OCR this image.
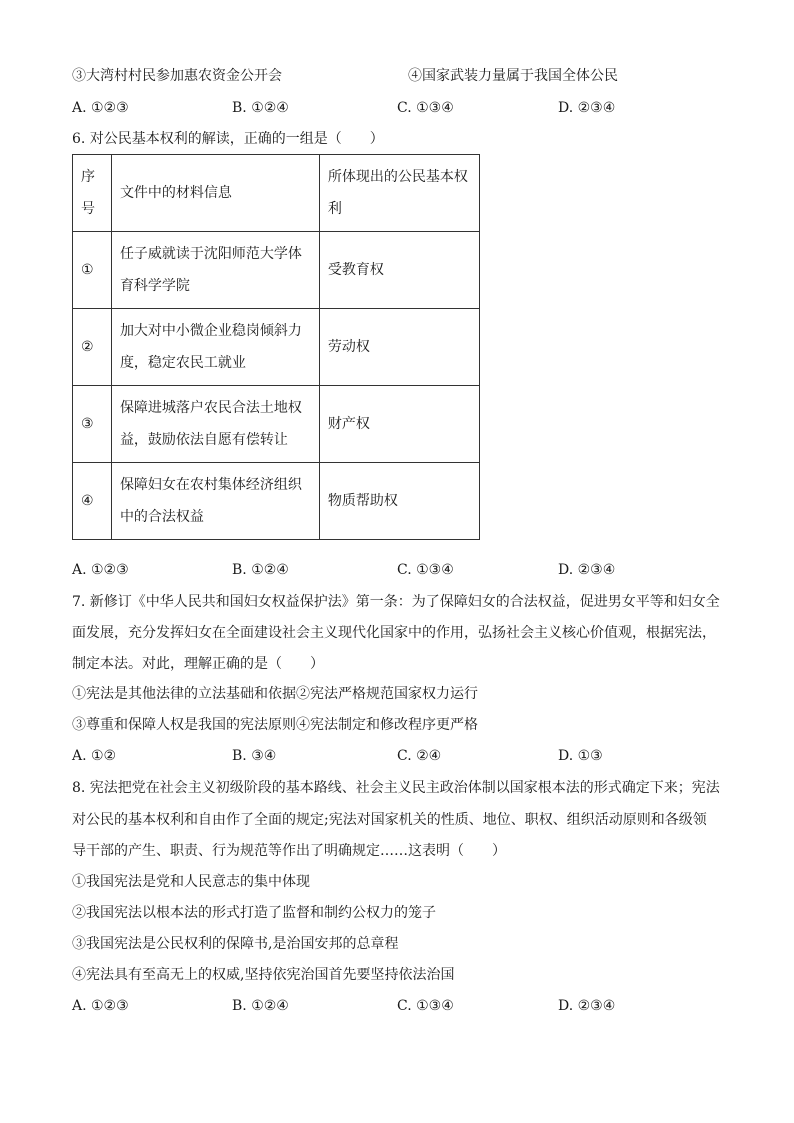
③大湾村村民参加惠农资金公开会	④国家武装力量属于我国全体公民
A. ①②③	B. ①②④	C. ①③④	D. ②③④
6. 对公民基本权利的解读，正确的一组是（　　）
序号	文件中的材料信息	所体现出的公民基本权利
①	任子威就读于沈阳师范大学体育科学学院	受教育权
②	加大对中小微企业稳岗倾斜力度，稳定农民工就业	劳动权
③	保障进城落户农民合法土地权益，鼓励依法自愿有偿转让	财产权
④	保障妇女在农村集体经济组织中的合法权益	物质帮助权
A. ①②③	B. ①②④	C. ①③④	D. ②③④
7. 新修订《中华人民共和国妇女权益保护法》第一条：为了保障妇女的合法权益，促进男女平等和妇女全
面发展，充分发挥妇女在全面建设社会主义现代化国家中的作用，弘扬社会主义核心价值观，根据宪法，
制定本法。对此，理解正确的是（　　）
①宪法是其他法律的立法基础和依据②宪法严格规范国家权力运行
③尊重和保障人权是我国的宪法原则④宪法制定和修改程序更严格
A. ①②	B. ③④	C. ②④	D. ①③
8. 宪法把党在社会主义初级阶段的基本路线、社会主义民主政治体制以国家根本法的形式确定下来；宪法
对公民的基本权利和自由作了全面的规定;宪法对国家机关的性质、地位、职权、组织活动原则和各级领
导干部的产生、职责、行为规范等作出了明确规定……这表明（　　）
①我国宪法是党和人民意志的集中体现
②我国宪法以根本法的形式打造了监督和制约公权力的笼子
③我国宪法是公民权利的保障书,是治国安邦的总章程
④宪法具有至高无上的权威,坚持依宪治国首先要坚持依法治国
A. ①②③	B. ①②④	C. ①③④	D. ②③④
